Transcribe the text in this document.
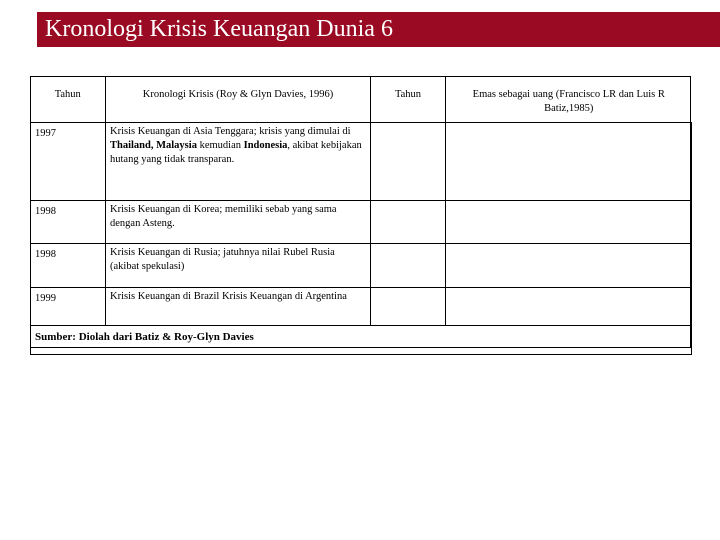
Kronologi Krisis Keuangan Dunia 6
Tahun	Kronologi Krisis (Roy & Glyn Davies, 1996)	Tahun	Emas sebagai uang (Francisco LR dan Luis R Batiz,1985)
1997	Krisis Keuangan di Asia Tenggara; krisis yang dimulai di Thailand, Malaysia kemudian Indonesia, akibat kebijakan hutang yang tidak transparan.		
1998	Krisis Keuangan di Korea; memiliki sebab yang sama dengan Asteng.		
1998	Krisis Keuangan di Rusia; jatuhnya nilai Rubel Rusia (akibat spekulasi)		
1999	Krisis Keuangan di Brazil Krisis Keuangan di Argentina		
Sumber: Diolah dari Batiz & Roy-Glyn Davies			
